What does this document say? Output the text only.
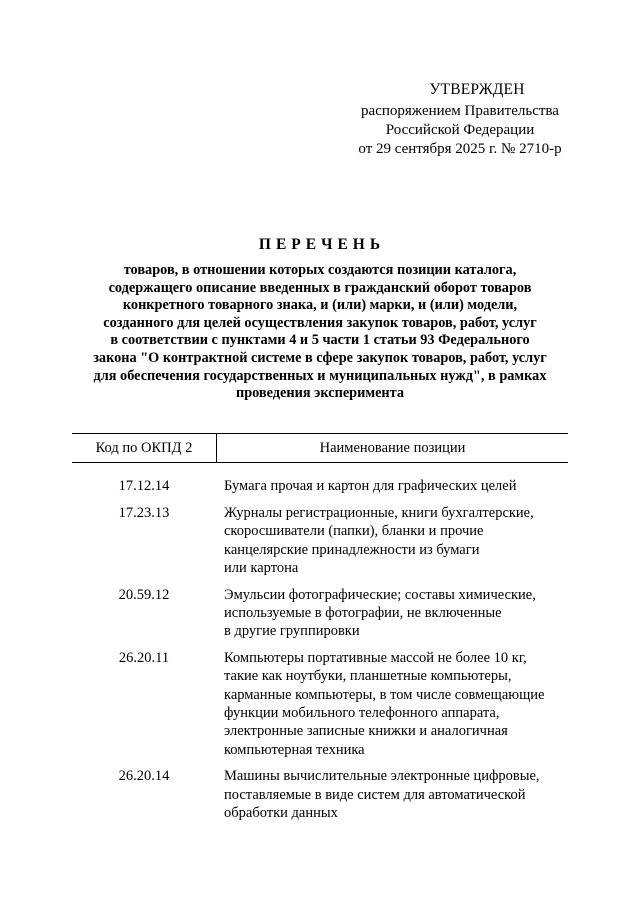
УТВЕРЖДЕН
распоряжением Правительства
Российской Федерации
от 29 сентября 2025 г. № 2710-р
ПЕРЕЧЕНЬ
товаров, в отношении которых создаются позиции каталога,
содержащего описание введенных в гражданский оборот товаров
конкретного товарного знака, и (или) марки, и (или) модели,
созданного для целей осуществления закупок товаров, работ, услуг
в соответствии с пунктами 4 и 5 части 1 статьи 93 Федерального
закона "О контрактной системе в сфере закупок товаров, работ, услуг
для обеспечения государственных и муниципальных нужд", в рамках
проведения эксперимента
Код по ОКПД 2	Наименование позиции
17.12.14	Бумага прочая и картон для графических целей
17.23.13	Журналы регистрационные, книги бухгалтерские,
скоросшиватели (папки), бланки и прочие
канцелярские принадлежности из бумаги
или картона
20.59.12	Эмульсии фотографические; составы химические,
используемые в фотографии, не включенные
в другие группировки
26.20.11	Компьютеры портативные массой не более 10 кг,
такие как ноутбуки, планшетные компьютеры,
карманные компьютеры, в том числе совмещающие
функции мобильного телефонного аппарата,
электронные записные книжки и аналогичная
компьютерная техника
26.20.14	Машины вычислительные электронные цифровые,
поставляемые в виде систем для автоматической
обработки данных
